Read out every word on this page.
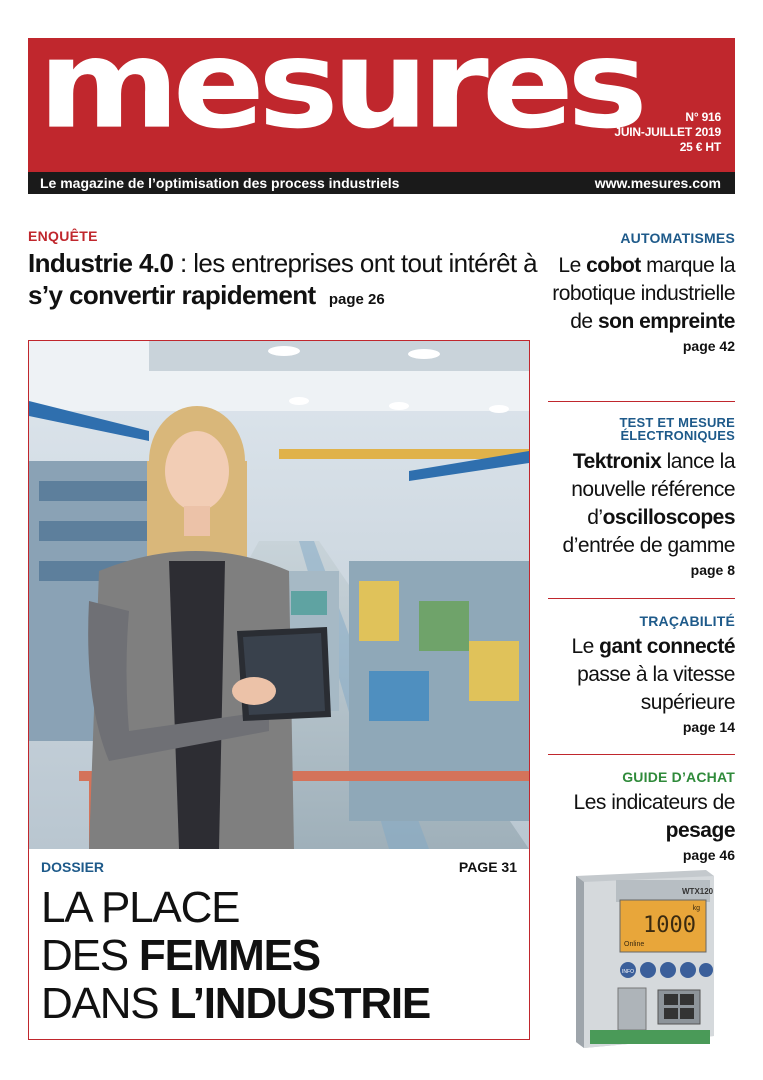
mesures	N° 916
JUIN-JUILLET 2019
25 € HT
Le magazine de l’optimisation des process industriels	www.mesures.com
ENQUÊTE
Industrie 4.0 : les entreprises ont tout intérêt à s’y convertir rapidement page 26
DOSSIER	PAGE 31
LA PLACE
DES FEMMES
DANS L’INDUSTRIE
AUTOMATISMES
Le cobot marque la robotique industrielle de son empreinte
page 42
TEST ET MESURE ÉLECTRONIQUES
Tektronix lance la nouvelle référence d’oscilloscopes d’entrée de gamme
page 8
TRAÇABILITÉ
Le gant connecté passe à la vitesse supérieure
page 14
GUIDE D’ACHAT
Les indicateurs de pesage
page 46
WTX120
1000
kg
Online
INFO
